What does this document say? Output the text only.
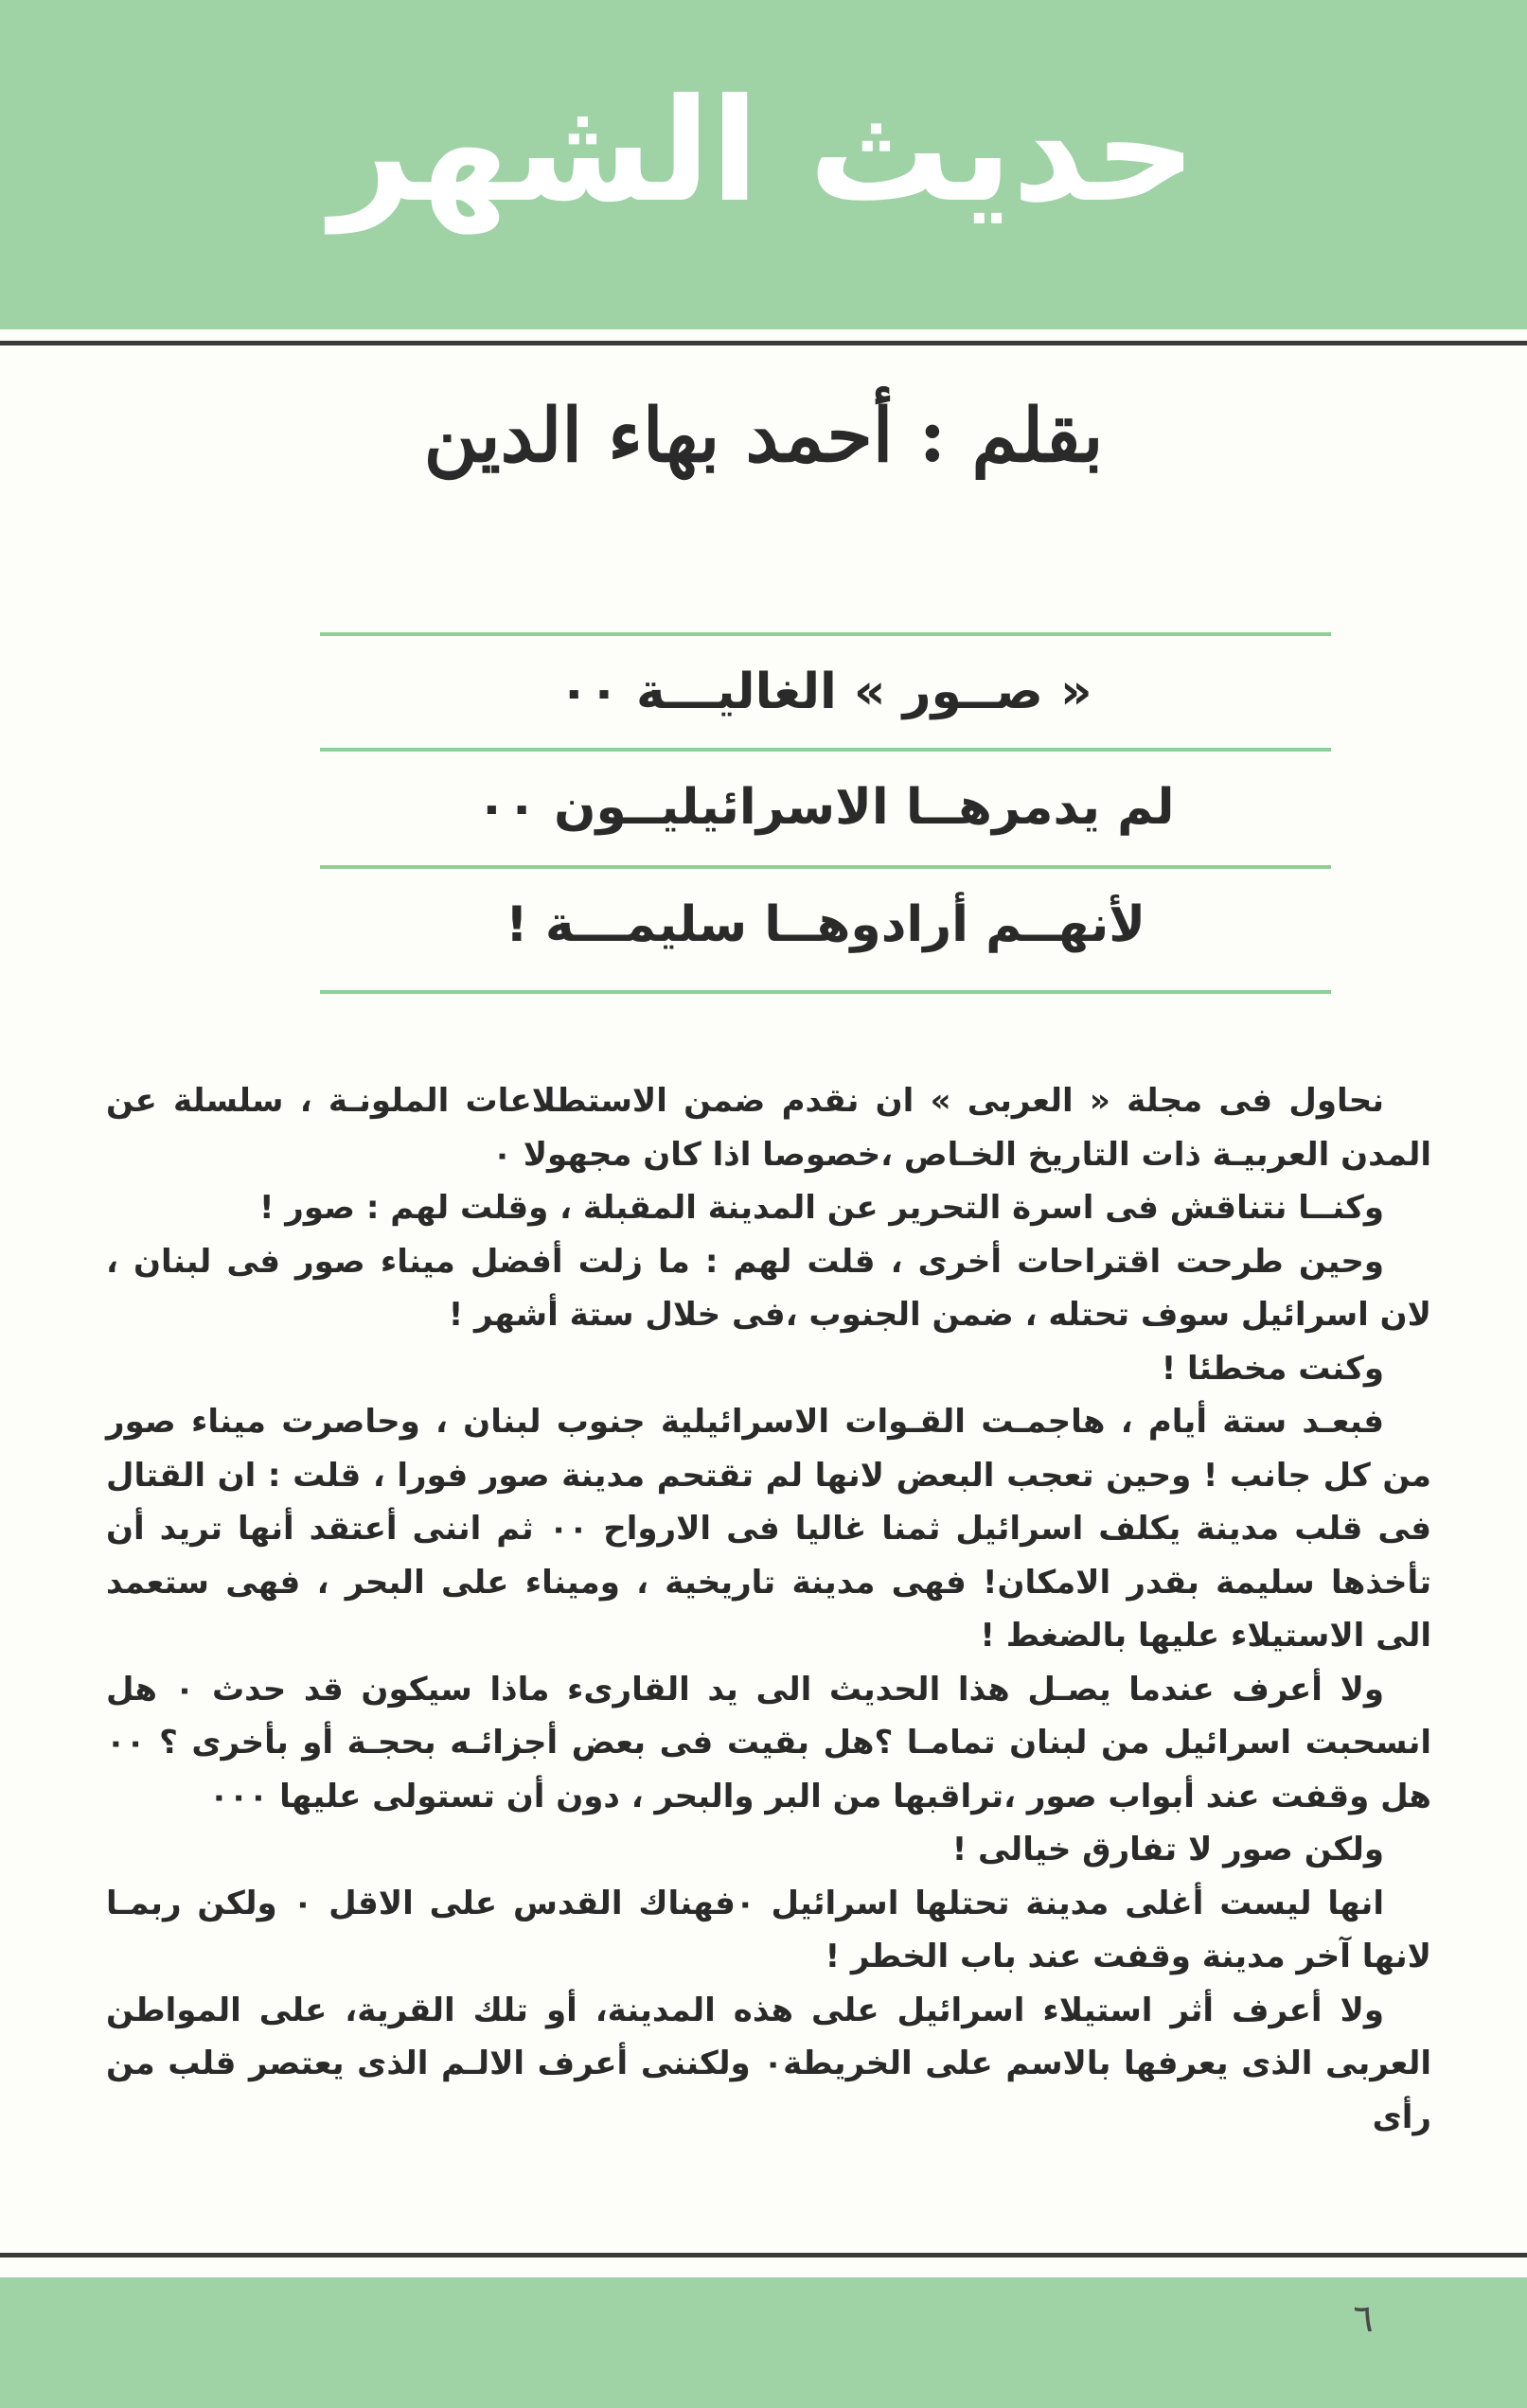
حديث الشهر
بقلم : أحمد بهاء الدين
« صــور » الغاليـــة ٠٠
لم يدمرهــا الاسرائيليــون ٠٠
لأنهــم أرادوهــا سليمـــة !

نحاول فى مجلة « العربى » ان نقدم ضمن الاستطلاعات الملونـة ، سلسلة عن المدن العربيـة ذات التاريخ الخـاص ،خصوصا اذا كان مجهولا ٠

وكنــا نتناقش فى اسرة التحرير عن المدينة المقبلة ، وقلت لهم : صور !

وحين طرحت اقتراحات أخرى ، قلت لهم : ما زلت أفضل ميناء صور فى لبنان ، لان اسرائيل سوف تحتله ، ضمن الجنوب ،فى خلال ستة أشهر !

وكنت مخطئا !

فبعـد ستة أيام ، هاجمـت القـوات الاسرائيلية جنوب لبنان ، وحاصرت ميناء صور من كل جانب ! وحين تعجب البعض لانها لم تقتحم مدينة صور فورا ، قلت : ان القتال فى قلب مدينة يكلف اسرائيل ثمنا غاليا فى الارواح ٠٠ ثم اننى أعتقد أنها تريد أن تأخذها سليمة بقدر الامكان! فهى مدينة تاريخية ، وميناء على البحر ، فهى ستعمد الى الاستيلاء عليها بالضغط !

ولا أعرف عندما يصـل هذا الحديث الى يد القارىء ماذا سيكون قد حدث ٠ هل انسحبت اسرائيل من لبنان تمامـا ؟هل بقيت فى بعض أجزائـه بحجـة أو بأخرى ؟ ٠٠ هل وقفت عند أبواب صور ،تراقبها من البر والبحر ، دون أن تستولى عليها ٠٠٠

ولكن صور لا تفارق خيالى !

انها ليست أغلى مدينة تحتلها اسرائيل ٠فهناك القدس على الاقل ٠ ولكن ربمـا لانها آخر مدينة وقفت عند باب الخطر !

ولا أعرف أثر استيلاء اسرائيل على هذه المدينة، أو تلك القرية، على المواطن العربى الذى يعرفها بالاسم على الخريطة٠ ولكننى أعرف الالـم الذى يعتصر قلب من رأى

٦
